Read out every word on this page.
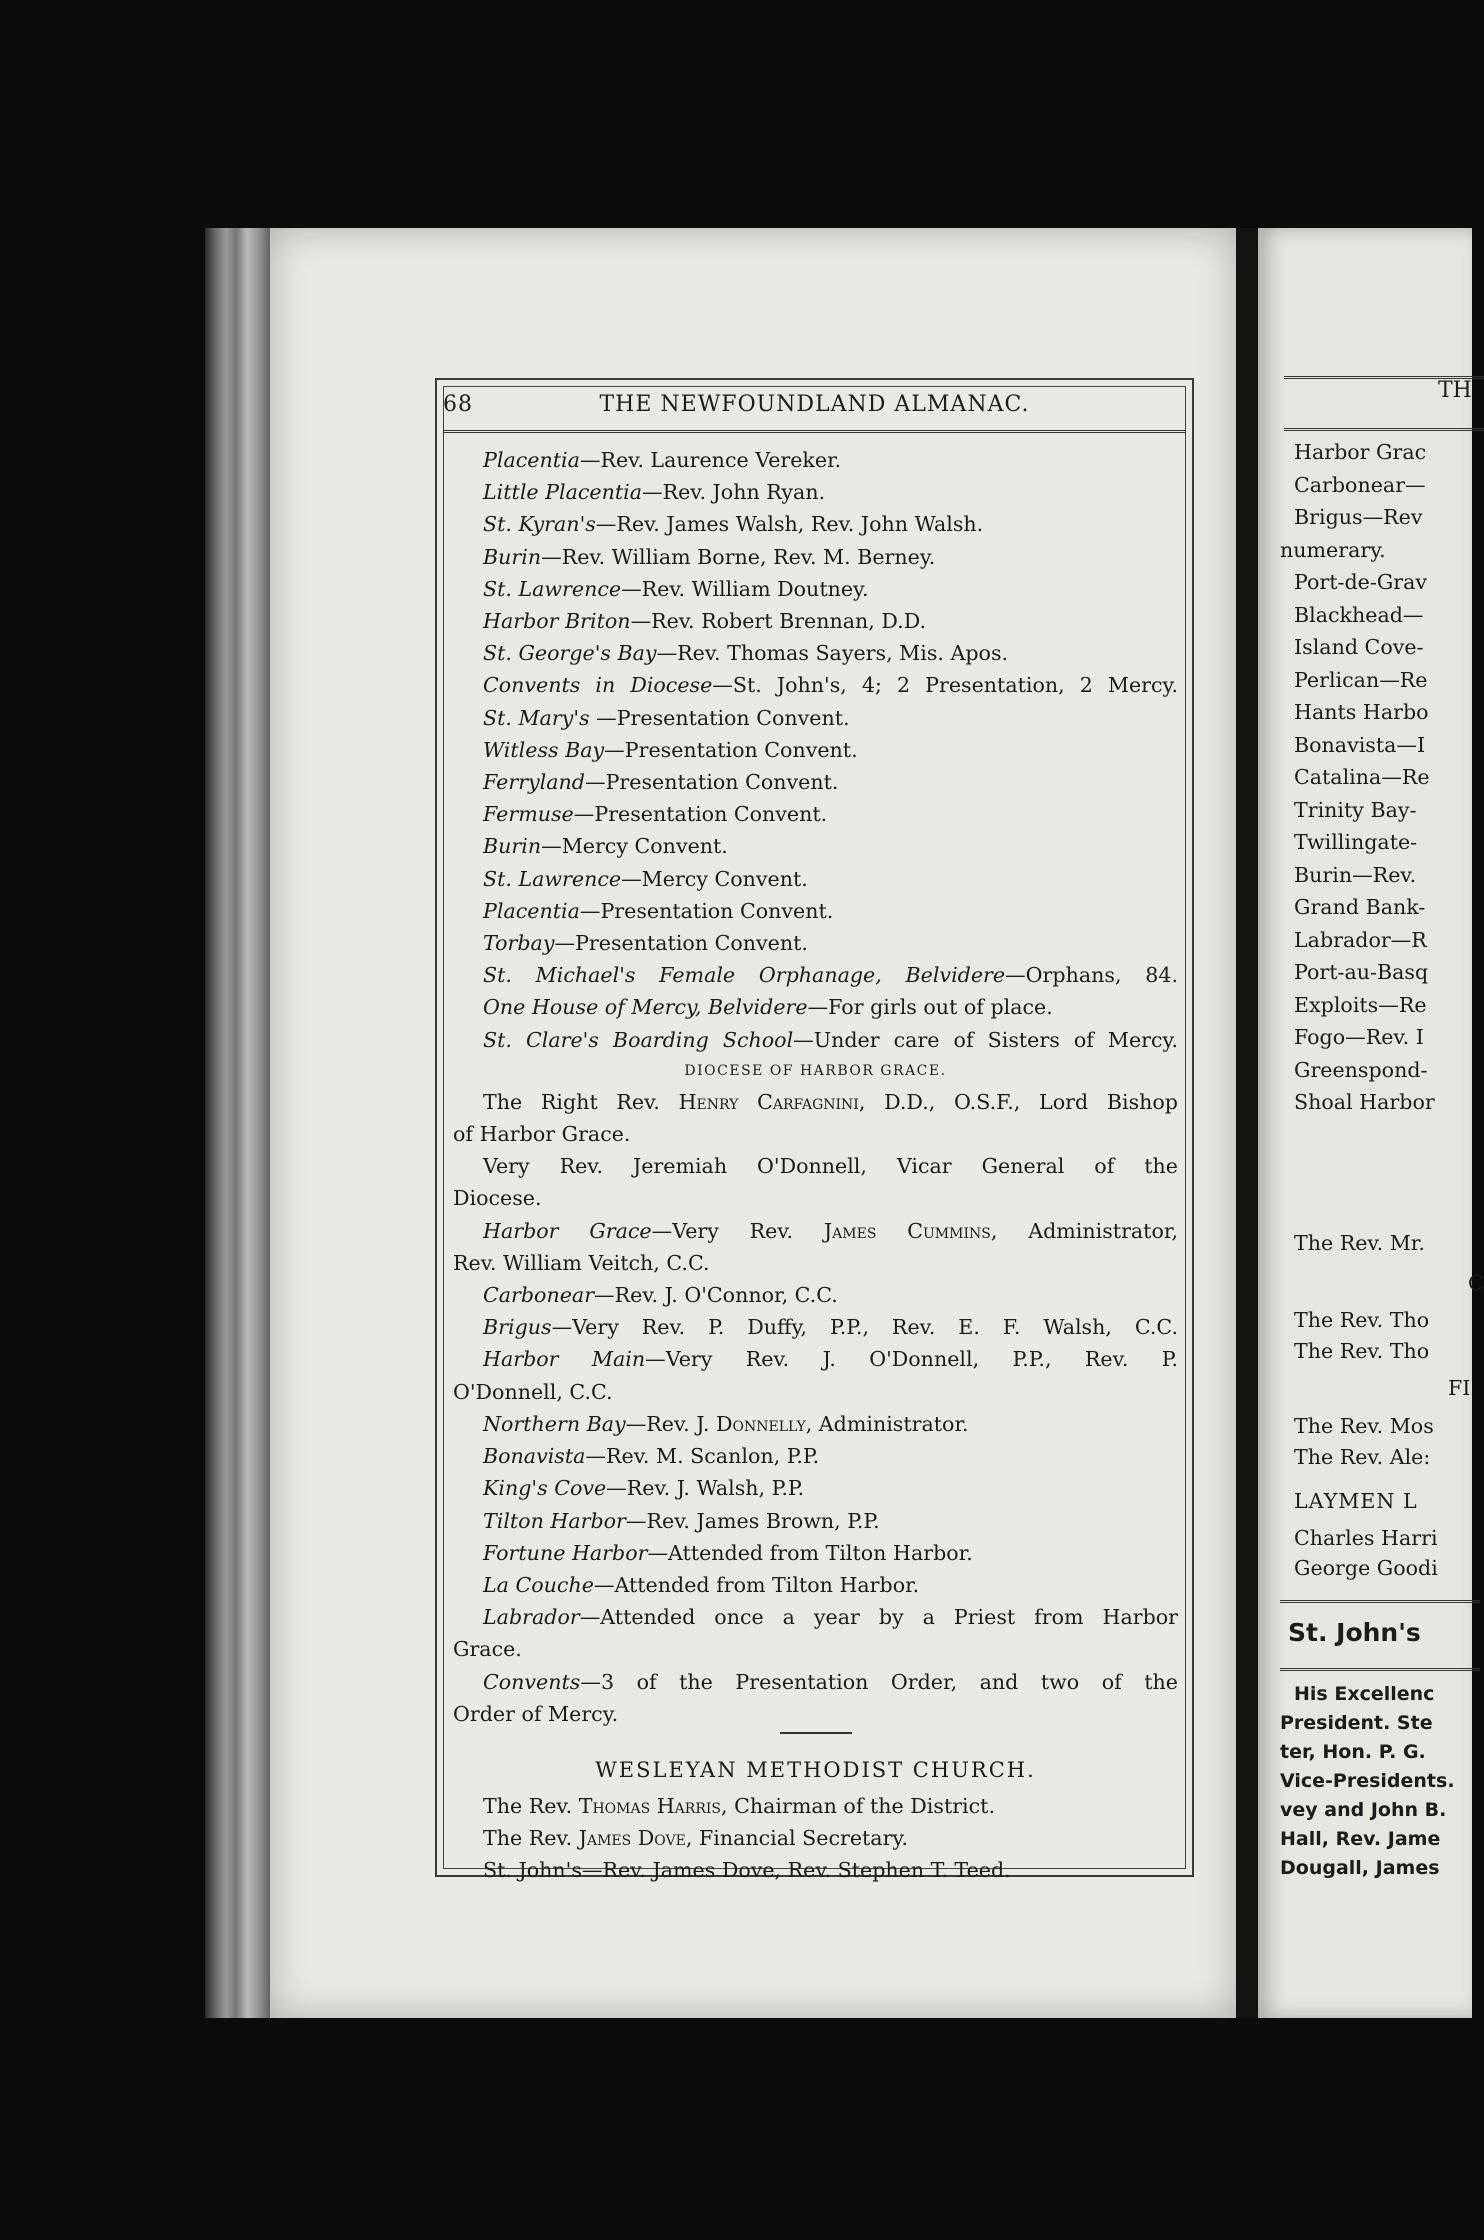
68	THE NEWFOUNDLAND ALMANAC.
Placentia—Rev. Laurence Vereker.
Little Placentia—Rev. John Ryan.
St. Kyran's—Rev. James Walsh, Rev. John Walsh.
Burin—Rev. William Borne, Rev. M. Berney.
St. Lawrence—Rev. William Doutney.
Harbor Briton—Rev. Robert Brennan, D.D.
St. George's Bay—Rev. Thomas Sayers, Mis. Apos.
Convents in Diocese—St. John's, 4; 2 Presentation, 2 Mercy.
St. Mary's —Presentation Convent.
Witless Bay—Presentation Convent.
Ferryland—Presentation Convent.
Fermuse—Presentation Convent.
Burin—Mercy Convent.
St. Lawrence—Mercy Convent.
Placentia—Presentation Convent.
Torbay—Presentation Convent.
St. Michael's Female Orphanage, Belvidere—Orphans, 84.
One House of Mercy, Belvidere—For girls out of place.
St. Clare's Boarding School—Under care of Sisters of Mercy.
DIOCESE OF HARBOR GRACE.
The Right Rev. Henry Carfagnini, D.D., O.S.F., Lord Bishop
of Harbor Grace.
Very Rev. Jeremiah O'Donnell, Vicar General of the
Diocese.
Harbor Grace—Very Rev. James Cummins, Administrator,
Rev. William Veitch, C.C.
Carbonear—Rev. J. O'Connor, C.C.
Brigus—Very Rev. P. Duffy, P.P., Rev. E. F. Walsh, C.C.
Harbor Main—Very Rev. J. O'Donnell, P.P., Rev. P.
O'Donnell, C.C.
Northern Bay—Rev. J. Donnelly, Administrator.
Bonavista—Rev. M. Scanlon, P.P.
King's Cove—Rev. J. Walsh, P.P.
Tilton Harbor—Rev. James Brown, P.P.
Fortune Harbor—Attended from Tilton Harbor.
La Couche—Attended from Tilton Harbor.
Labrador—Attended once a year by a Priest from Harbor
Grace.
Convents—3 of the Presentation Order, and two of the
Order of Mercy.
WESLEYAN METHODIST CHURCH.
The Rev. Thomas Harris, Chairman of the District.
The Rev. James Dove, Financial Secretary.
St. John's—Rev. James Dove, Rev. Stephen T. Teed.
TH
Harbor Grac
Carbonear—
Brigus—Rev
numerary.
Port-de-Grav
Blackhead—
Island Cove-
Perlican—Re
Hants Harbo
Bonavista—I
Catalina—Re
Trinity Bay-
Twillingate-
Burin—Rev.
Grand Bank-
Labrador—R
Port-au-Basq
Exploits—Re
Fogo—Rev. I
Greenspond-
Shoal Harbor
The Rev. Mr.
C
The Rev. Tho
The Rev. Tho
FI
The Rev. Mos
The Rev. Ale:
LAYMEN L
Charles Harri
George Goodi
St. John's
His Excellenc
President. Ste
ter, Hon. P. G.
Vice-Presidents.
vey and John B.
Hall, Rev. Jame
Dougall, James
